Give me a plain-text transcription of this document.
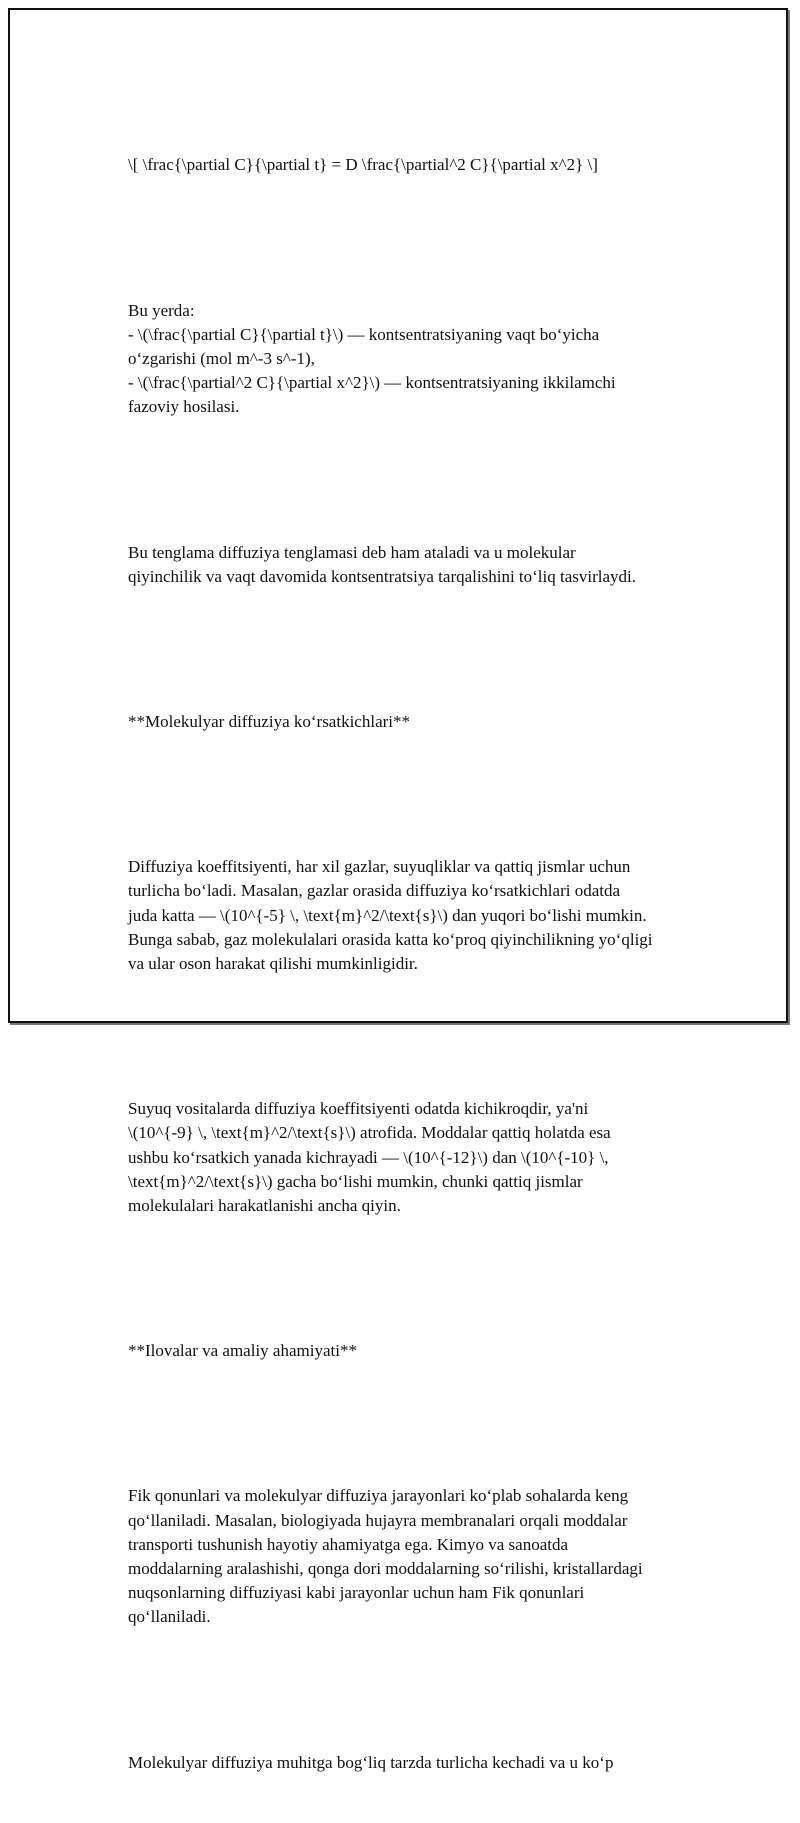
\[ \frac{\partial C}{\partial t} = D \frac{\partial^2 C}{\partial x^2} \]

Bu yerda:
- \(\frac{\partial C}{\partial t}\) — kontsentratsiyaning vaqt bo‘yicha
o‘zgarishi (mol m^-3 s^-1),
- \(\frac{\partial^2 C}{\partial x^2}\) — kontsentratsiyaning ikkilamchi
fazoviy hosilasi.

Bu tenglama diffuziya tenglamasi deb ham ataladi va u molekular
qiyinchilik va vaqt davomida kontsentratsiya tarqalishini to‘liq tasvirlaydi.

**Molekulyar diffuziya ko‘rsatkichlari**

Diffuziya koeffitsiyenti, har xil gazlar, suyuqliklar va qattiq jismlar uchun
turlicha bo‘ladi. Masalan, gazlar orasida diffuziya ko‘rsatkichlari odatda
juda katta — \(10^{-5} \, \text{m}^2/\text{s}\) dan yuqori bo‘lishi mumkin.
Bunga sabab, gaz molekulalari orasida katta ko‘proq qiyinchilikning yo‘qligi
va ular oson harakat qilishi mumkinligidir.

Suyuq vositalarda diffuziya koeffitsiyenti odatda kichikroqdir, ya'ni
\(10^{-9} \, \text{m}^2/\text{s}\) atrofida. Moddalar qattiq holatda esa
ushbu ko‘rsatkich yanada kichrayadi — \(10^{-12}\) dan \(10^{-10} \,
\text{m}^2/\text{s}\) gacha bo‘lishi mumkin, chunki qattiq jismlar
molekulalari harakatlanishi ancha qiyin.

**Ilovalar va amaliy ahamiyati**

Fik qonunlari va molekulyar diffuziya jarayonlari ko‘plab sohalarda keng
qo‘llaniladi. Masalan, biologiyada hujayra membranalari orqali moddalar
transporti tushunish hayotiy ahamiyatga ega. Kimyo va sanoatda
moddalarning aralashishi, qonga dori moddalarning so‘rilishi, kristallardagi
nuqsonlarning diffuziyasi kabi jarayonlar uchun ham Fik qonunlari
qo‘llaniladi.

Molekulyar diffuziya muhitga bog‘liq tarzda turlicha kechadi va u ko‘p
